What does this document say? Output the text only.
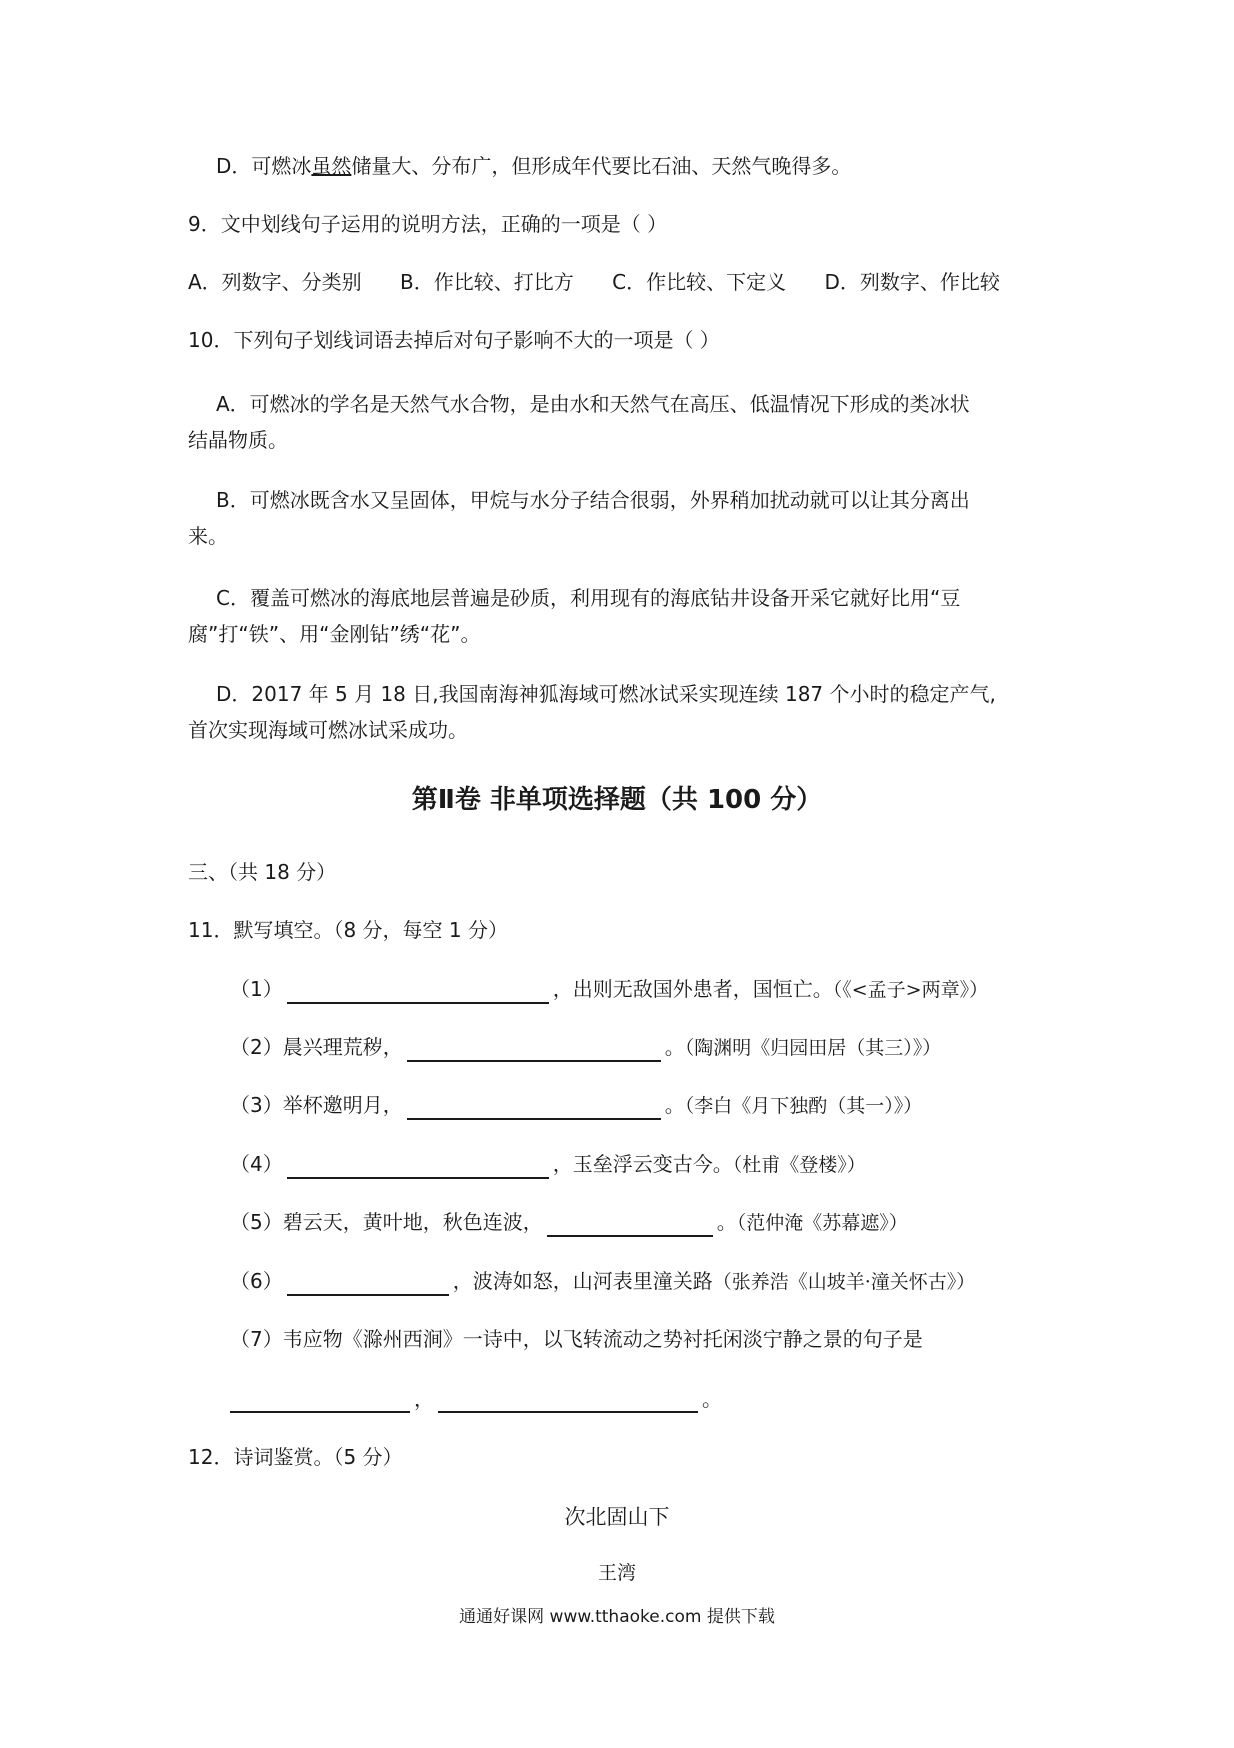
D．可燃冰虽然储量大、分布广，但形成年代要比石油、天然气晚得多。
9．文中划线句子运用的说明方法，正确的一项是（ ）
A．列数字、分类别 B．作比较、打比方 C．作比较、下定义 D．列数字、作比较
10．下列句子划线词语去掉后对句子影响不大的一项是（ ）
A．可燃冰的学名是天然气水合物，是由水和天然气在高压、低温情况下形成的类冰状
结晶物质。
B．可燃冰既含水又呈固体，甲烷与水分子结合很弱，外界稍加扰动就可以让其分离出
来。
C．覆盖可燃冰的海底地层普遍是砂质，利用现有的海底钻井设备开采它就好比用“豆
腐”打“铁”、用“金刚钻”绣“花”。
D．2017 年 5 月 18 日,我国南海神狐海域可燃冰试采实现连续 187 个小时的稳定产气,
首次实现海域可燃冰试采成功。
第Ⅱ卷 非单项选择题（共 100 分）
三、（共 18 分）
11．默写填空。（8 分，每空 1 分）
（1）	，出则无敌国外患者，国恒亡。（《<孟子>两章》）
（2）晨兴理荒秽，	。（陶渊明《归园田居（其三）》）
（3）举杯邀明月，	。（李白《月下独酌（其一）》）
（4）	，玉垒浮云变古今。（杜甫《登楼》）
（5）碧云天，黄叶地，秋色连波，	。（范仲淹《苏幕遮》）
（6）	，波涛如怒，山河表里潼关路（张养浩《山坡羊·潼关怀古》）
（7）韦应物《滁州西涧》一诗中，以飞转流动之势衬托闲淡宁静之景的句子是
，	。
12．诗词鉴赏。（5 分）
次北固山下
王湾
通通好课网 www.tthaoke.com 提供下载
